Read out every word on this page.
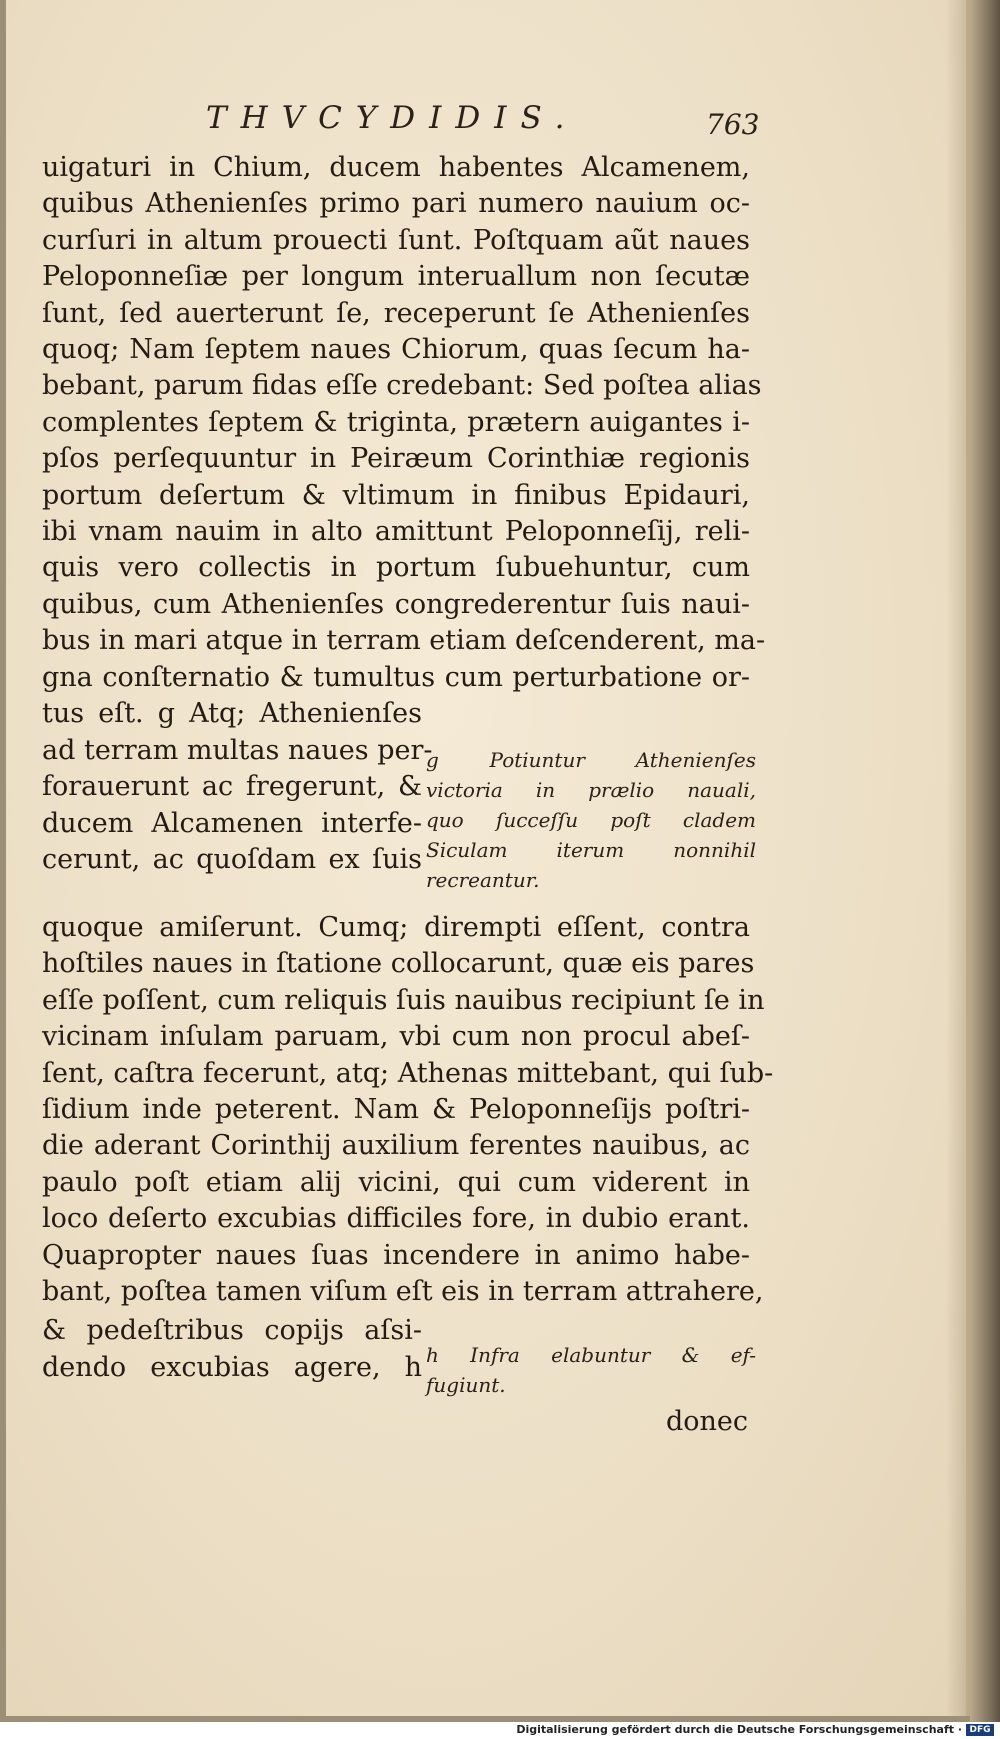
THVCYDIDIS.	763
uigaturi in Chium, ducem habentes Alcamenem,
quibus Athenienſes primo pari numero nauium oc-
curſuri in altum prouecti ſunt. Poſtquam aũt naues
Peloponneſiæ per longum interuallum non ſecutæ
ſunt, ſed auerterunt ſe, receperunt ſe Athenienſes
quoq; Nam ſeptem naues Chiorum, quas ſecum ha-
bebant, parum fidas eſſe credebant: Sed poſtea alias
complentes ſeptem & triginta, prætern auigantes i-
pſos perſequuntur in Peiræum Corinthiæ regionis
portum deſertum & vltimum in finibus Epidauri,
ibi vnam nauim in alto amittunt Peloponneſij, reli-
quis vero collectis in portum ſubuehuntur, cum
quibus, cum Athenienſes congrederentur ſuis naui-
bus in mari atque in terram etiam deſcenderent, ma-
gna conſternatio & tumultus cum perturbatione or-
tus eſt. g Atq; Athenienſes
ad terram multas naues per-
forauerunt ac fregerunt, &
ducem Alcamenen interfe-
cerunt, ac quoſdam ex ſuis
g Potiuntur Athenienſes
victoria in prælio nauali,
quo ſucceſſu poſt cladem
Siculam iterum nonnihil
recreantur.
quoque amiſerunt. Cumq; dirempti eſſent, contra
hoſtiles naues in ſtatione collocarunt, quæ eis pares
eſſe poſſent, cum reliquis ſuis nauibus recipiunt ſe in
vicinam inſulam paruam, vbi cum non procul abeſ-
ſent, caſtra fecerunt, atq; Athenas mittebant, qui ſub-
ſidium inde peterent. Nam & Peloponneſijs poſtri-
die aderant Corinthij auxilium ferentes nauibus, ac
paulo poſt etiam alij vicini, qui cum viderent in
loco deſerto excubias difficiles fore, in dubio erant.
Quapropter naues ſuas incendere in animo habe-
bant, poſtea tamen viſum eſt eis in terram attrahere,
& pedeſtribus copijs aſsi-
dendo excubias agere, h h Infra elabuntur & ef-
fugiunt.
donec
Digitalisierung gefördert durch die Deutsche Forschungsgemeinschaft · DFG
